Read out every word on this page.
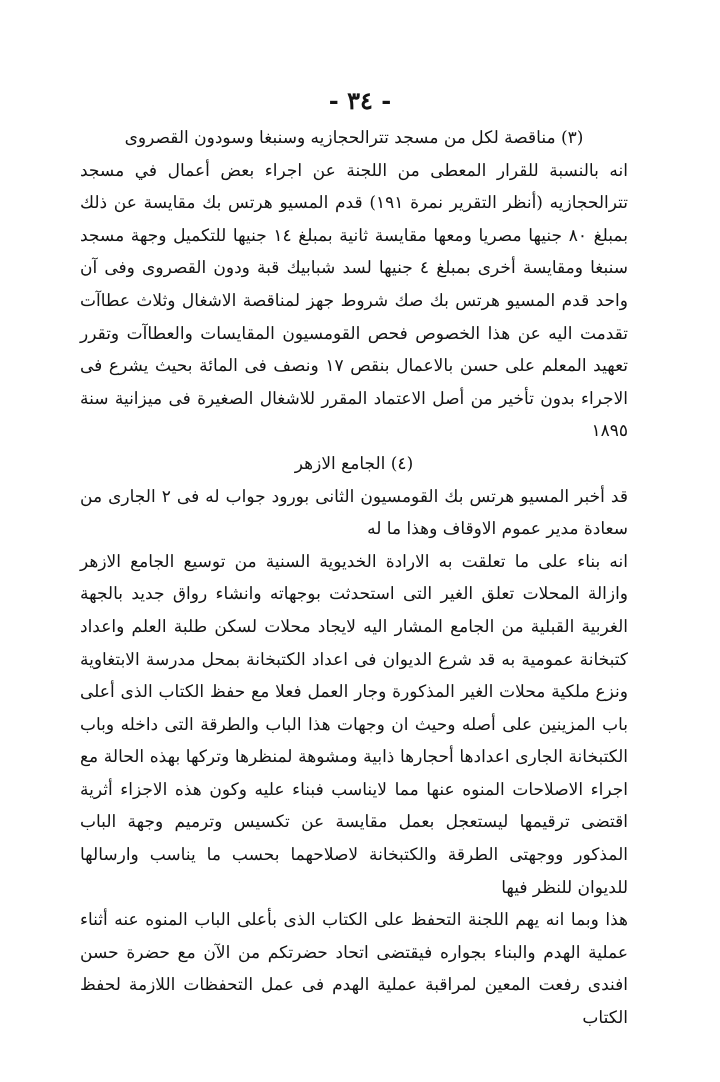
- ٣٤ -

(٣) مناقصة لكل من مسجد تترالحجازيه وسنبغا وسودون القصروى

انه بالنسبة للقرار المعطى من اللجنة عن اجراء بعض أعمال في مسجد تترالحجازيه (أنظر التقرير نمرة ١٩١) قدم المسيو هرتس بك مقايسة عن ذلك بمبلغ ٨٠ جنيها مصريا ومعها مقايسة ثانية بمبلغ ١٤ جنيها للتكميل وجهة مسجد سنبغا ومقايسة أخرى بمبلغ ٤ جنيها لسد شبابيك قبة ودون القصروى وفى آن واحد قدم المسيو هرتس بك صك شروط جهز لمناقصة الاشغال وثلاث عطاآت تقدمت اليه عن هذا الخصوص فحص القومسيون المقايسات والعطاآت وتقرر تعهيد المعلم على حسن بالاعمال بنقص ١٧ ونصف فى المائة بحيث يشرع فى الاجراء بدون تأخير من أصل الاعتماد المقرر للاشغال الصغيرة فى ميزانية سنة ١٨٩٥

(٤) الجامع الازهر

قد أخبر المسيو هرتس بك القومسيون الثانى بورود جواب له فى ٢ الجارى من سعادة مدير عموم الاوقاف وهذا ما له

انه بناء على ما تعلقت به الارادة الخديوية السنية من توسيع الجامع الازهر وازالة المحلات تعلق الغير التى استحدثت بوجهاته وانشاء رواق جديد بالجهة الغربية القبلية من الجامع المشار اليه لايجاد محلات لسكن طلبة العلم واعداد كتبخانة عمومية به قد شرع الديوان فى اعداد الكتبخانة بمحل مدرسة الابتغاوية ونزع ملكية محلات الغير المذكورة وجار العمل فعلا مع حفظ الكتاب الذى أعلى باب المزينين على أصله وحيث ان وجهات هذا الباب والطرقة التى داخله وباب الكتبخانة الجارى اعدادها أحجارها ذابية ومشوهة لمنظرها وتركها بهذه الحالة مع اجراء الاصلاحات المنوه عنها مما لايناسب فبناء عليه وكون هذه الاجزاء أثرية اقتضى ترقيمها ليستعجل بعمل مقايسة عن تكسيس وترميم وجهة الباب المذكور ووجهتى الطرقة والكتبخانة لاصلاحهما بحسب ما يناسب وارسالها للديوان للنظر فيها

هذا وبما انه يهم اللجنة التحفظ على الكتاب الذى بأعلى الباب المنوه عنه أثناء عملية الهدم والبناء بجواره فيقتضى اتحاد حضرتكم من الآن مع حضرة حسن افندى رفعت المعين لمراقبة عملية الهدم فى عمل التحفظات اللازمة لحفظ الكتاب
